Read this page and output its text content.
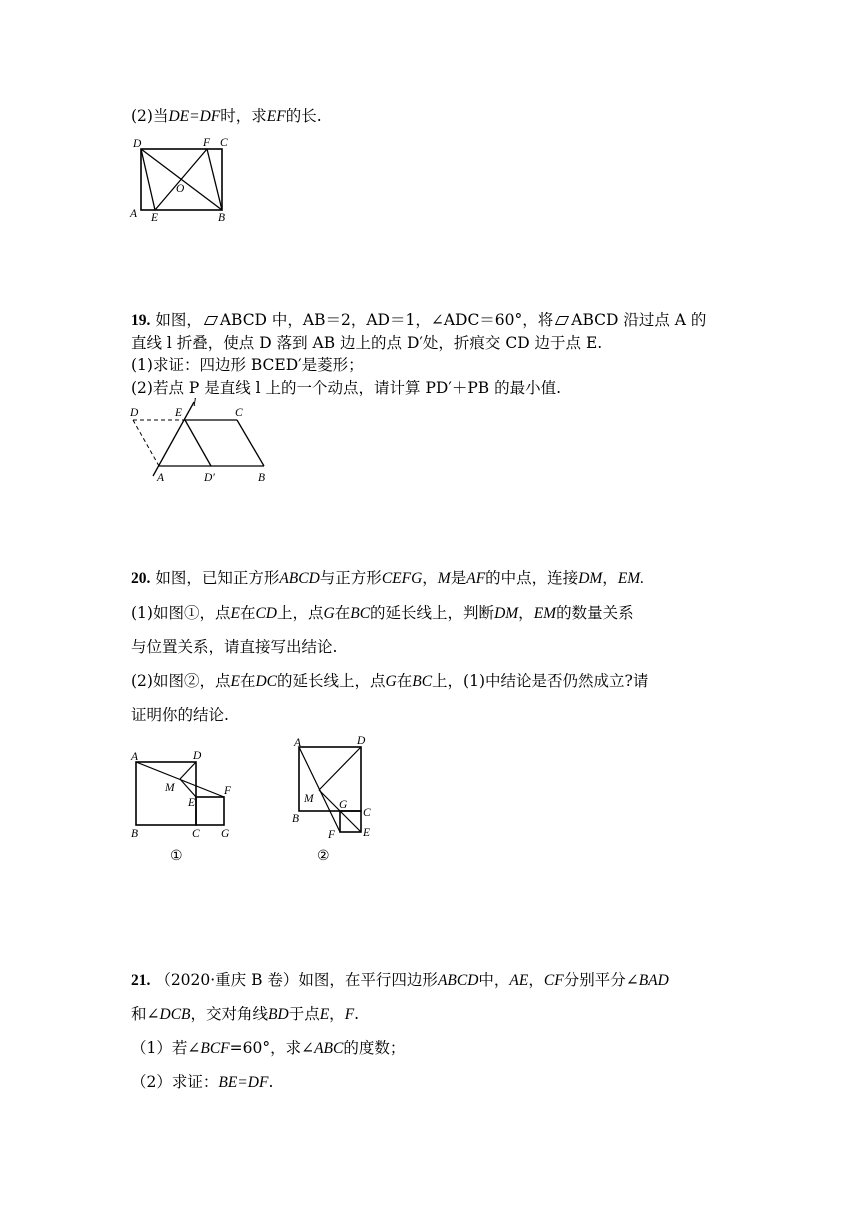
(2)当DE=DF时，求EF的长.
D	F C
O
A E	B
19. 如图， ABCD 中，AB＝2，AD＝1，∠ADC＝60°，将 ABCD 沿过点 A 的
直线 l 折叠，使点 D 落到 AB 边上的点 D′处，折痕交 CD 边于点 E.
(1)求证：四边形 BCED′是菱形；
(2)若点 P 是直线 l 上的一个动点，请计算 PD′＋PB 的最小值.
D	E
l
C
A	D′	B
20. 如图，已知正方形ABCD与正方形CEFG，M是AF的中点，连接DM，EM.
(1)如图①，点E在CD上，点G在BC的延长线上，判断DM，EM的数量关系
与位置关系，请直接写出结论.
(2)如图②，点E在DC的延长线上，点G在BC上，(1)中结论是否仍然成立?请
证明你的结论.
A	D
M
E
F
B	C G
①
A	D
M G
C
B
F E
②
21. （2020·重庆 B 卷）如图，在平行四边形ABCD中，AE，CF分别平分∠BAD
和∠DCB，交对角线BD于点E，F.
（1）若∠BCF=60°，求∠ABC的度数；
（2）求证：BE=DF.
